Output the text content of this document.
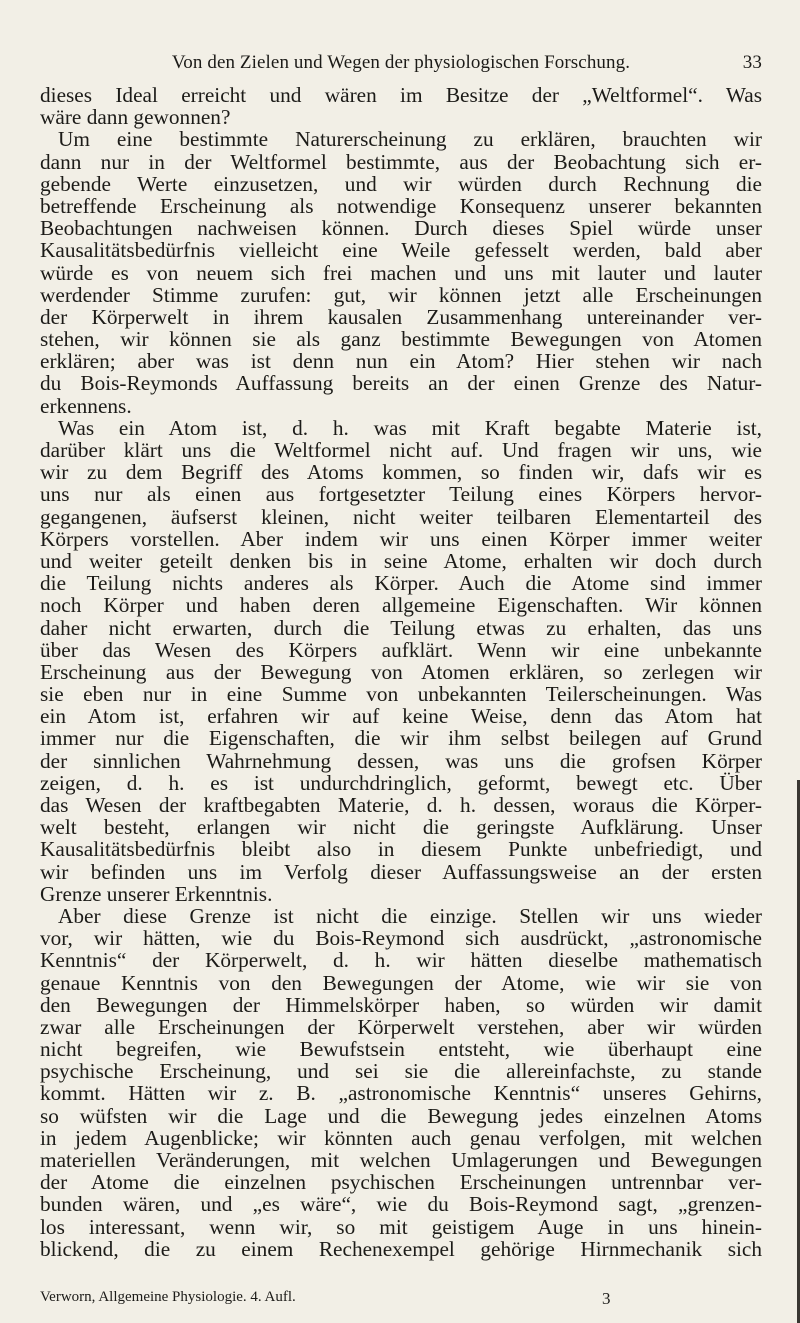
Von den Zielen und Wegen der physiologischen Forschung.	33
dieses Ideal erreicht und wären im Besitze der „Weltformel“. Was
wäre dann gewonnen?
Um eine bestimmte Naturerscheinung zu erklären, brauchten wir
dann nur in der Weltformel bestimmte, aus der Beobachtung sich er-
gebende Werte einzusetzen, und wir würden durch Rechnung die
betreffende Erscheinung als notwendige Konsequenz unserer bekannten
Beobachtungen nachweisen können. Durch dieses Spiel würde unser
Kausalitätsbedürfnis vielleicht eine Weile gefesselt werden, bald aber
würde es von neuem sich frei machen und uns mit lauter und lauter
werdender Stimme zurufen: gut, wir können jetzt alle Erscheinungen
der Körperwelt in ihrem kausalen Zusammenhang untereinander ver-
stehen, wir können sie als ganz bestimmte Bewegungen von Atomen
erklären; aber was ist denn nun ein Atom? Hier stehen wir nach
du Bois-Reymonds Auffassung bereits an der einen Grenze des Natur-
erkennens.
Was ein Atom ist, d. h. was mit Kraft begabte Materie ist,
darüber klärt uns die Weltformel nicht auf. Und fragen wir uns, wie
wir zu dem Begriff des Atoms kommen, so finden wir, dafs wir es
uns nur als einen aus fortgesetzter Teilung eines Körpers hervor-
gegangenen, äufserst kleinen, nicht weiter teilbaren Elementarteil des
Körpers vorstellen. Aber indem wir uns einen Körper immer weiter
und weiter geteilt denken bis in seine Atome, erhalten wir doch durch
die Teilung nichts anderes als Körper. Auch die Atome sind immer
noch Körper und haben deren allgemeine Eigenschaften. Wir können
daher nicht erwarten, durch die Teilung etwas zu erhalten, das uns
über das Wesen des Körpers aufklärt. Wenn wir eine unbekannte
Erscheinung aus der Bewegung von Atomen erklären, so zerlegen wir
sie eben nur in eine Summe von unbekannten Teilerscheinungen. Was
ein Atom ist, erfahren wir auf keine Weise, denn das Atom hat
immer nur die Eigenschaften, die wir ihm selbst beilegen auf Grund
der sinnlichen Wahrnehmung dessen, was uns die grofsen Körper
zeigen, d. h. es ist undurchdringlich, geformt, bewegt etc. Über
das Wesen der kraftbegabten Materie, d. h. dessen, woraus die Körper-
welt besteht, erlangen wir nicht die geringste Aufklärung. Unser
Kausalitätsbedürfnis bleibt also in diesem Punkte unbefriedigt, und
wir befinden uns im Verfolg dieser Auffassungsweise an der ersten
Grenze unserer Erkenntnis.
Aber diese Grenze ist nicht die einzige. Stellen wir uns wieder
vor, wir hätten, wie du Bois-Reymond sich ausdrückt, „astronomische
Kenntnis“ der Körperwelt, d. h. wir hätten dieselbe mathematisch
genaue Kenntnis von den Bewegungen der Atome, wie wir sie von
den Bewegungen der Himmelskörper haben, so würden wir damit
zwar alle Erscheinungen der Körperwelt verstehen, aber wir würden
nicht begreifen, wie Bewufstsein entsteht, wie überhaupt eine
psychische Erscheinung, und sei sie die allereinfachste, zu stande
kommt. Hätten wir z. B. „astronomische Kenntnis“ unseres Gehirns,
so wüfsten wir die Lage und die Bewegung jedes einzelnen Atoms
in jedem Augenblicke; wir könnten auch genau verfolgen, mit welchen
materiellen Veränderungen, mit welchen Umlagerungen und Bewegungen
der Atome die einzelnen psychischen Erscheinungen untrennbar ver-
bunden wären, und „es wäre“, wie du Bois-Reymond sagt, „grenzen-
los interessant, wenn wir, so mit geistigem Auge in uns hinein-
blickend, die zu einem Rechenexempel gehörige Hirnmechanik sich
Verworn, Allgemeine Physiologie. 4. Aufl.	3
